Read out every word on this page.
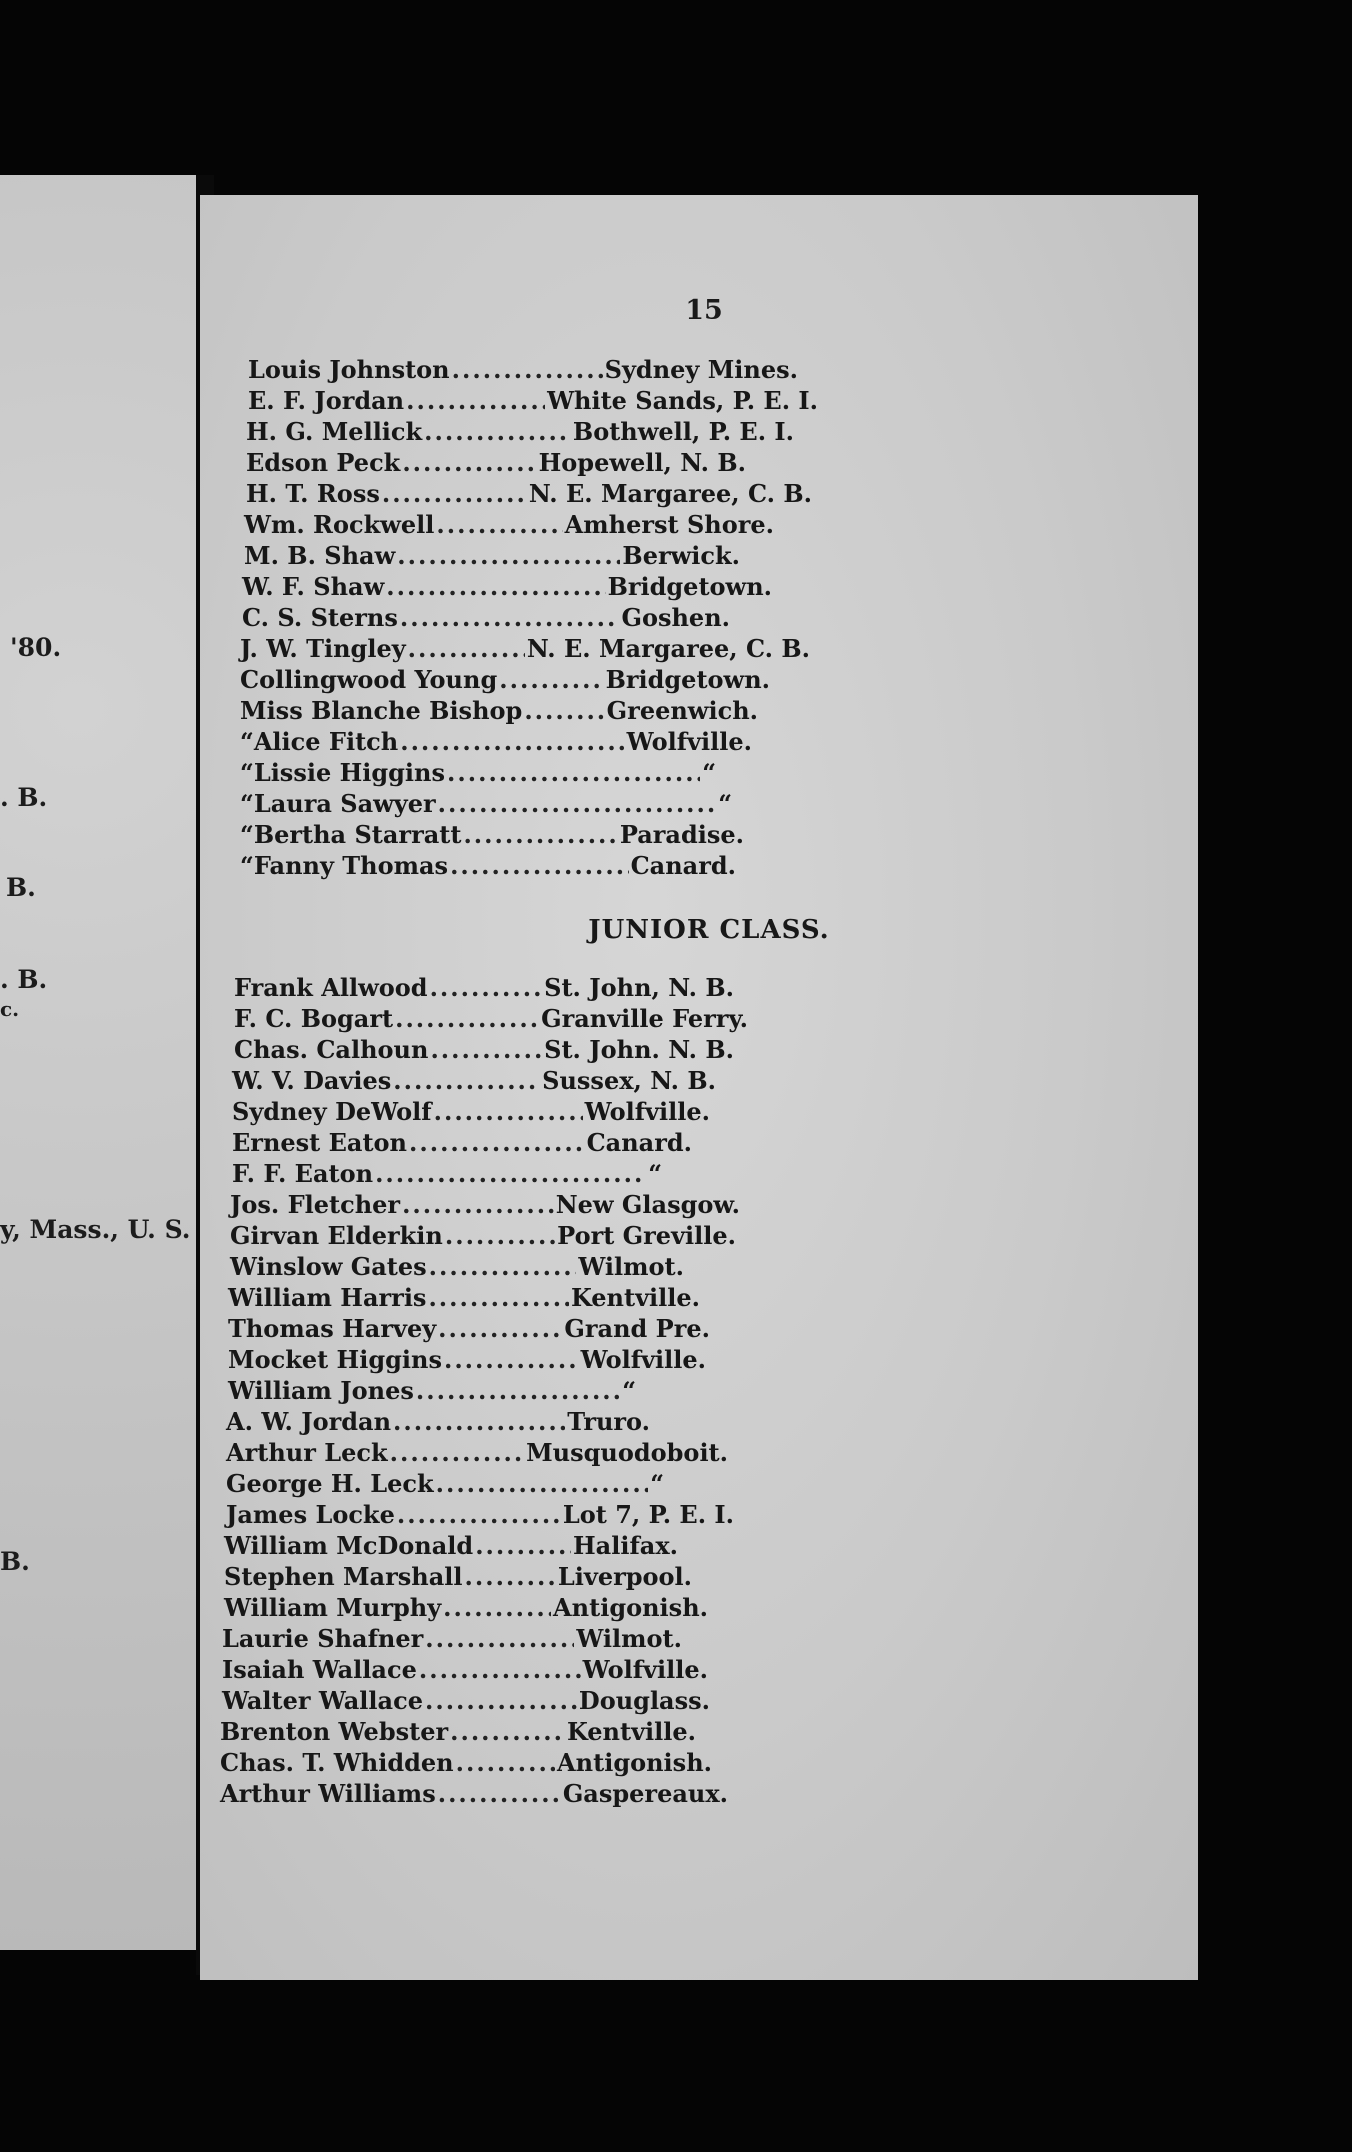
'80.
. B.
B.
. B.
c.
y, Mass., U. S.
B.
15
Louis Johnston .....	Sydney Mines.
E. F. Jordan .....	White Sands, P. E. I.
H. G. Mellick .....	Bothwell, P. E. I.
Edson Peck .....	Hopewell, N. B.
H. T. Ross .....	N. E. Margaree, C. B.
Wm. Rockwell .....	Amherst Shore.
M. B. Shaw .....	Berwick.
W. F. Shaw .....	Bridgetown.
C. S. Sterns .....	Goshen.
J. W. Tingley .....	N. E. Margaree, C. B.
Collingwood Young .....	Bridgetown.
Miss Blanche Bishop .....	Greenwich.
“ Alice Fitch .....	Wolfville.
“ Lissie Higgins .....	“
“ Laura Sawyer .....	“
“ Bertha Starratt .....	Paradise.
“ Fanny Thomas .....	Canard.
JUNIOR CLASS.
Frank Allwood .....	St. John, N. B.
F. C. Bogart .....	Granville Ferry.
Chas. Calhoun .....	St. John. N. B.
W. V. Davies .....	Sussex, N. B.
Sydney DeWolf .....	Wolfville.
Ernest Eaton .....	Canard.
F. F. Eaton .....	“
Jos. Fletcher .....	New Glasgow.
Girvan Elderkin .....	Port Greville.
Winslow Gates .....	Wilmot.
William Harris .....	Kentville.
Thomas Harvey .....	Grand Pre.
Mocket Higgins .....	Wolfville.
William Jones .....	“
A. W. Jordan .....	Truro.
Arthur Leck .....	Musquodoboit.
George H. Leck .....	“
James Locke .....	Lot 7, P. E. I.
William McDonald .....	Halifax.
Stephen Marshall .....	Liverpool.
William Murphy .....	Antigonish.
Laurie Shafner .....	Wilmot.
Isaiah Wallace .....	Wolfville.
Walter Wallace .....	Douglass.
Brenton Webster .....	Kentville.
Chas. T. Whidden .....	Antigonish.
Arthur Williams .....	Gaspereaux.
